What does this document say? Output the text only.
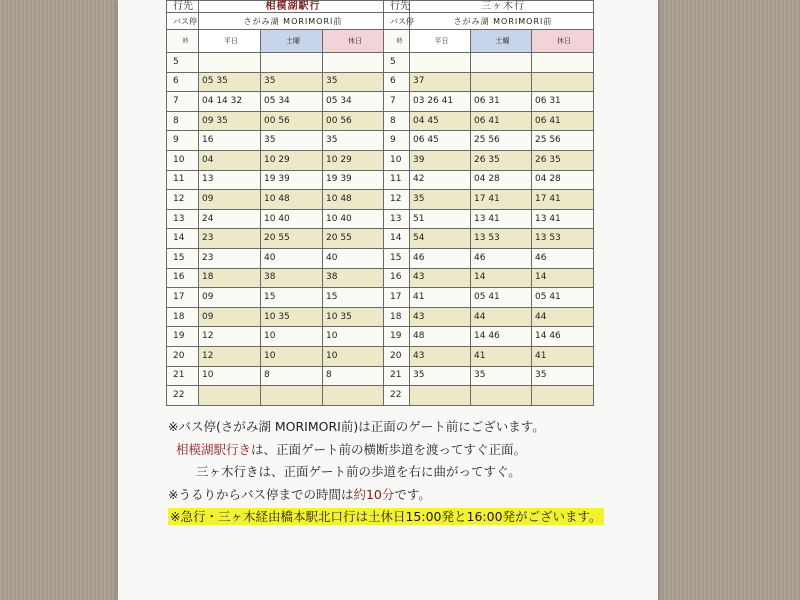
行先	相模湖駅行		
バス停	さがみ湖 MORIMORI前		
時	平日	土曜	休日
5			
6	05 35	35	35
7	04 14 32	05 34	05 34
8	09 35	00 56	00 56
9	16	35	35
10	04	10 29	10 29
11	13	19 39	19 39
12	09	10 48	10 48
13	24	10 40	10 40
14	23	20 55	20 55
15	23	40	40
16	18	38	38
17	09	15	15
18	09	10 35	10 35
19	12	10	10
20	12	10	10
21	10	8	8
22			
行先	三ヶ木行		
バス停	さがみ湖 MORIMORI前		
時	平日	土曜	休日
5			
6	37		
7	03 26 41	06 31	06 31
8	04 45	06 41	06 41
9	06 45	25 56	25 56
10	39	26 35	26 35
11	42	04 28	04 28
12	35	17 41	17 41
13	51	13 41	13 41
14	54	13 53	13 53
15	46	46	46
16	43	14	14
17	41	05 41	05 41
18	43	44	44
19	48	14 46	14 46
20	43	41	41
21	35	35	35
22			
※バス停(さがみ湖 MORIMORI前)は正面のゲート前にございます。
相模湖駅行きは、正面ゲート前の横断歩道を渡ってすぐ正面。
三ヶ木行きは、正面ゲート前の歩道を右に曲がってすぐ。
※うるりからバス停までの時間は約10分です。
※急行・三ヶ木経由橋本駅北口行は土休日15:00発と16:00発がございます。
